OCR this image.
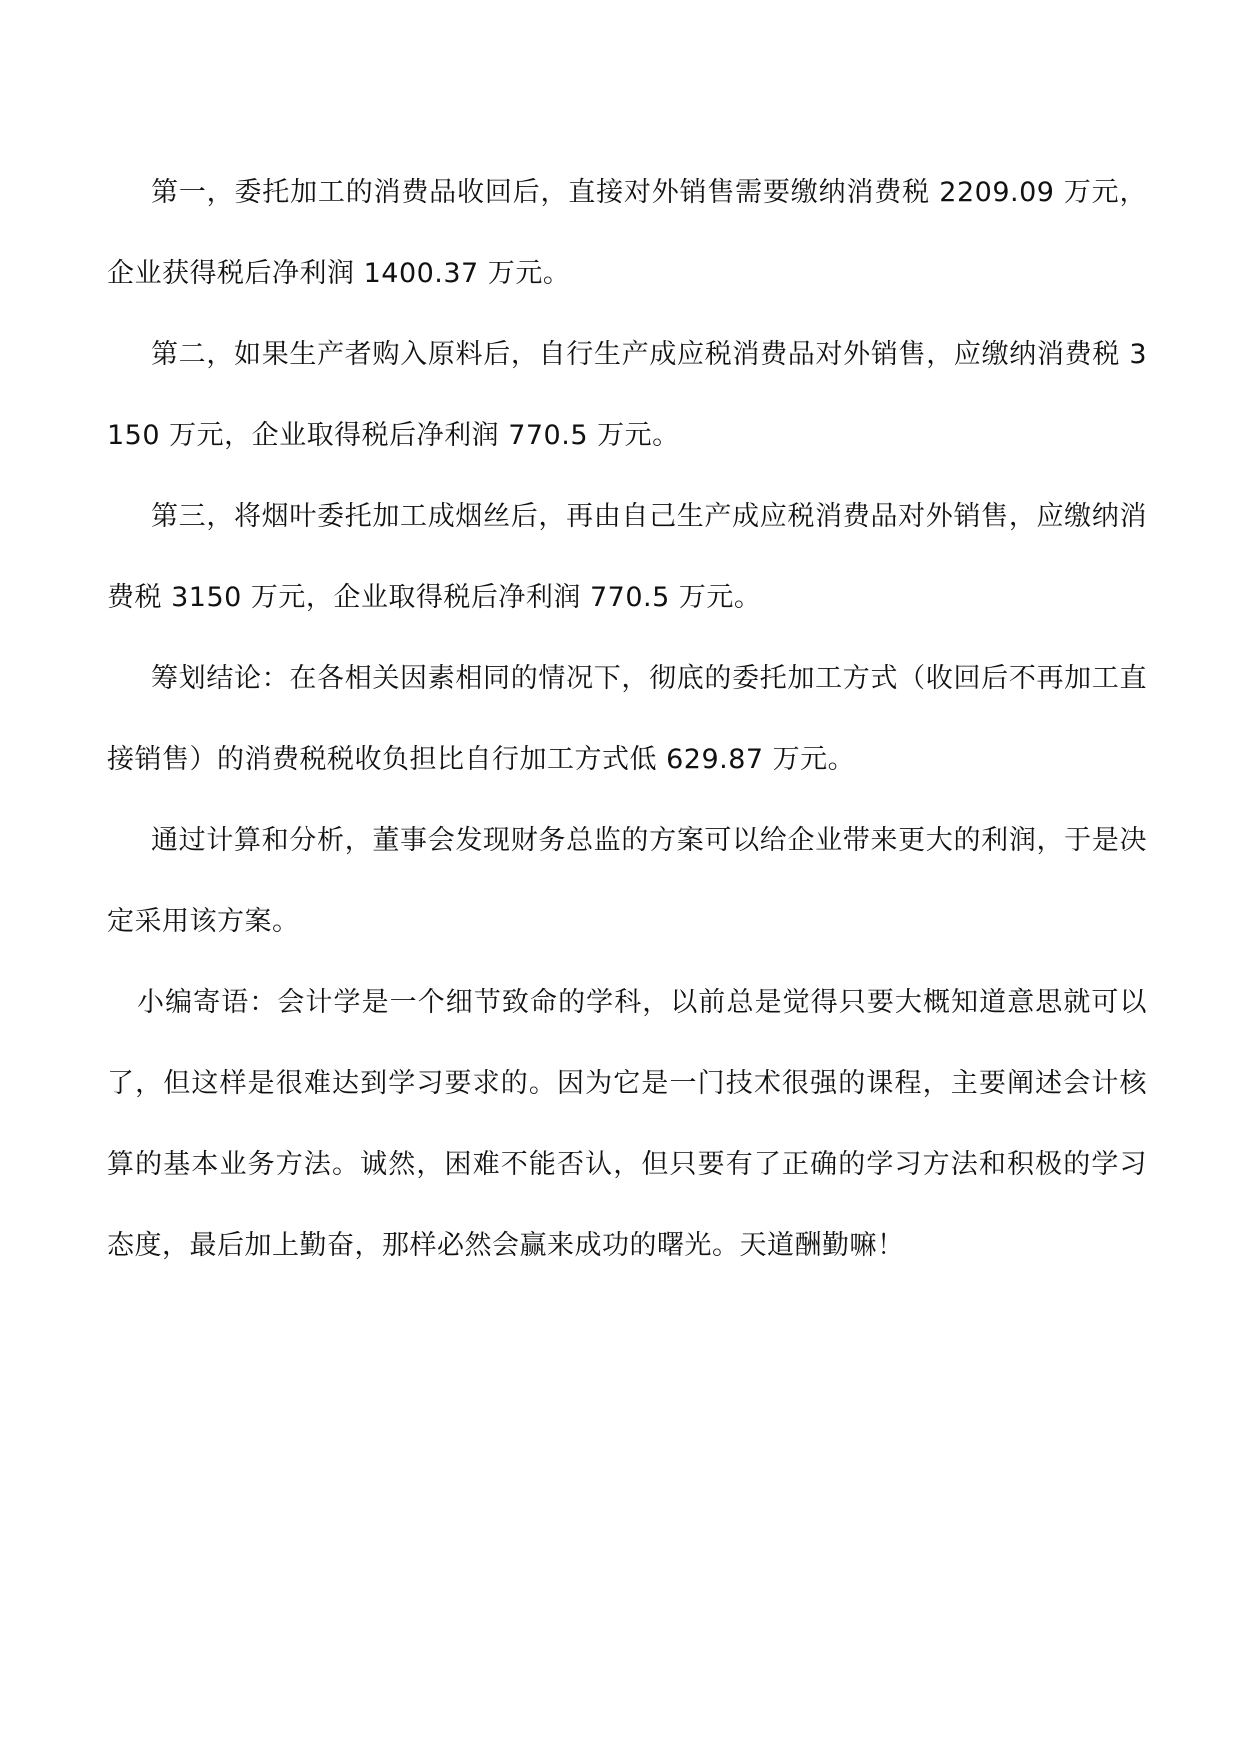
第一，委托加工的消费品收回后，直接对外销售需要缴纳消费税 2209.09 万元，企业获得税后净利润 1400.37 万元。

第二，如果生产者购入原料后，自行生产成应税消费品对外销售，应缴纳消费税 3150 万元，企业取得税后净利润 770.5 万元。

第三，将烟叶委托加工成烟丝后，再由自己生产成应税消费品对外销售，应缴纳消费税 3150 万元，企业取得税后净利润 770.5 万元。

筹划结论：在各相关因素相同的情况下，彻底的委托加工方式（收回后不再加工直接销售）的消费税税收负担比自行加工方式低 629.87 万元。

通过计算和分析，董事会发现财务总监的方案可以给企业带来更大的利润，于是决定采用该方案。

小编寄语：会计学是一个细节致命的学科，以前总是觉得只要大概知道意思就可以了，但这样是很难达到学习要求的。因为它是一门技术很强的课程，主要阐述会计核算的基本业务方法。诚然，困难不能否认，但只要有了正确的学习方法和积极的学习态度，最后加上勤奋，那样必然会赢来成功的曙光。天道酬勤嘛！
